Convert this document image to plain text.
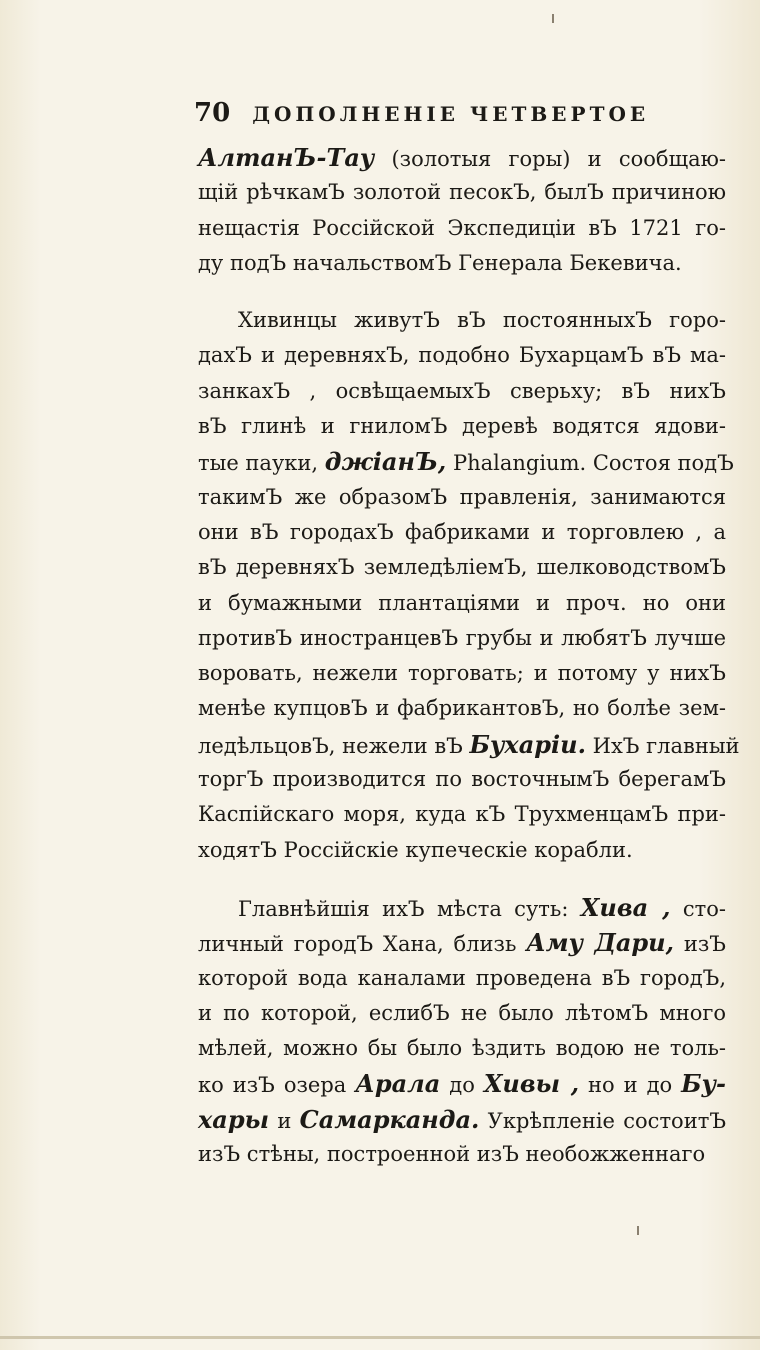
70 ДОПОЛНЕНІЕ ЧЕТВЕРТОЕ
АлтанЪ-Тау (золотыя горы) и сообщаю-
щій рѣчкамЪ золотой песокЪ, былЪ причиною
нещастія Россійской Экспедиціи вЪ 1721 го-
ду подЪ начальствомЪ Генерала Бекевича.
Хивинцы живутЪ вЪ постоянныхЪ горо-
дахЪ и деревняхЪ, подобно БухарцамЪ вЪ ма-
занкахЪ , освѣщаемыхЪ сверьху; вЪ нихЪ
вЪ глинѣ и гниломЪ деревѣ водятся ядови-
тые пауки, джіанЪ, Phalangium. Состоя подЪ
такимЪ же образомЪ правленія, занимаются
они вЪ городахЪ фабриками и торговлею , а
вЪ деревняхЪ земледѣліемЪ, шелководствомЪ
и бумажными плантаціями и проч. но они
противЪ иностранцевЪ грубы и любятЪ лучше
воровать, нежели торговать; и потому у нихЪ
менѣе купцовЪ и фабрикантовЪ, но болѣе зем-
ледѣльцовЪ, нежели вЪ Бухаріи. ИхЪ главный
торгЪ производится по восточнымЪ берегамЪ
Каспійскаго моря, куда кЪ ТрухменцамЪ при-
ходятЪ Россійскіе купеческіе корабли.
Главнѣйшія ихЪ мѣста суть: Хива , сто-
личный городЪ Хана, близь Аму Дари, изЪ
которой вода каналами проведена вЪ городЪ,
и по которой, еслибЪ не было лѣтомЪ много
мѣлей, можно бы было ѣздить водою не толь-
ко изЪ озера Арала до Хивы , но и до Бу-
хары и Самарканда. Укрѣпленіе состоитЪ
изЪ стѣны, построенной изЪ необожженнаго
